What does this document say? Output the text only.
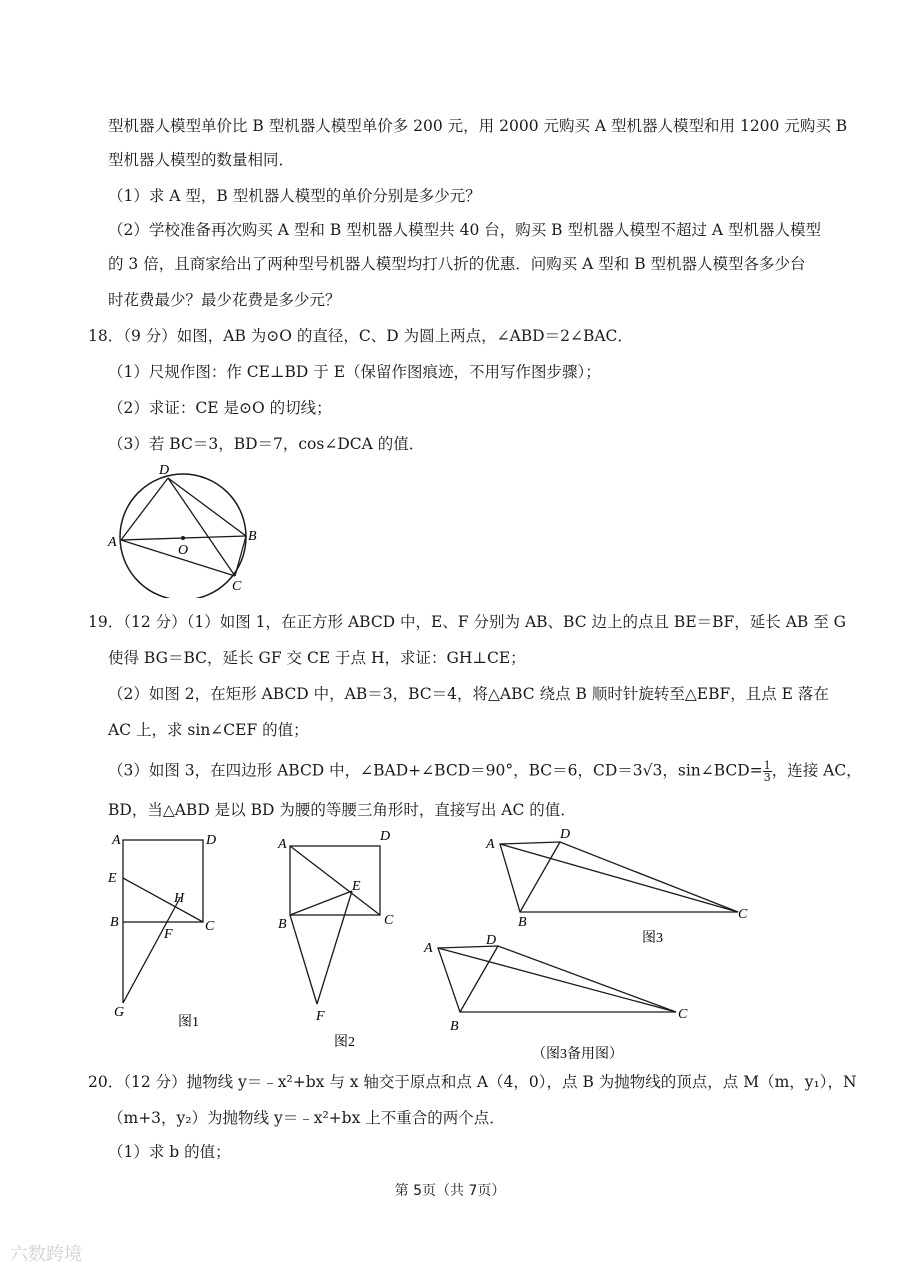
型机器人模型单价比 B 型机器人模型单价多 200 元，用 2000 元购买 A 型机器人模型和用 1200 元购买 B
型机器人模型的数量相同．
（1）求 A 型，B 型机器人模型的单价分别是多少元？
（2）学校准备再次购买 A 型和 B 型机器人模型共 40 台，购买 B 型机器人模型不超过 A 型机器人模型
的 3 倍，且商家给出了两种型号机器人模型均打八折的优惠．问购买 A 型和 B 型机器人模型各多少台
时花费最少？最少花费是多少元？
18．（9 分）如图，AB 为⊙O 的直径，C、D 为圆上两点，∠ABD＝2∠BAC．
（1）尺规作图：作 CE⊥BD 于 E（保留作图痕迹，不用写作图步骤）；
（2）求证：CE 是⊙O 的切线；
（3）若 BC＝3，BD＝7，cos∠DCA 的值．
D
A
O
B
C
19．（12 分）（1）如图 1，在正方形 ABCD 中，E、F 分别为 AB、BC 边上的点且 BE＝BF，延长 AB 至 G
使得 BG＝BC，延长 GF 交 CE 于点 H，求证：GH⊥CE；
（2）如图 2，在矩形 ABCD 中，AB＝3，BC＝4，将△ABC 绕点 B 顺时针旋转至△EBF，且点 E 落在
AC 上，求 sin∠CEF 的值；
（3）如图 3，在四边形 ABCD 中，∠BAD+∠BCD＝90°，BC＝6，CD＝3√3，sin∠BCD= $\frac{1}{3}$ ，连接 AC，
BD，当△ABD 是以 BD 为腰的等腰三角形时，直接写出 AC 的值．
A	D
E
H
B	C
F
G
图1
A
D
E
B	C
F
图2
A
D
B
C
图3
A
D
B
C
（图3备用图）
20．（12 分）抛物线 y＝﹣x²+bx 与 x 轴交于原点和点 A（4，0），点 B 为抛物线的顶点，点 M（m，y₁），N
（m+3，y₂）为抛物线 y＝﹣x²+bx 上不重合的两个点．
（1）求 b 的值；
第 5页（共 7页）
六数跨境
